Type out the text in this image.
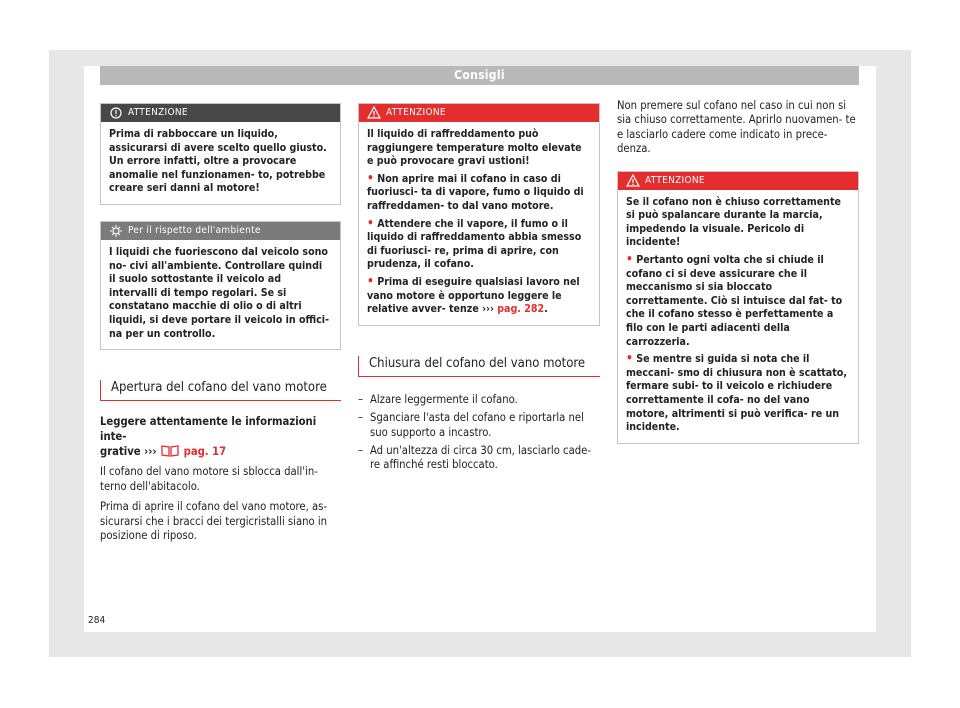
Consigli
ATTENZIONE

Prima di rabboccare un liquido, assicurarsi di avere scelto quello giusto. Un errore infatti, oltre a provocare anomalie nel funzionamen- to, potrebbe creare seri danni al motore!

Per il rispetto dell'ambiente

I liquidi che fuoriescono dal veicolo sono no- civi all'ambiente. Controllare quindi il suolo sottostante il veicolo ad intervalli di tempo regolari. Se si constatano macchie di olio o di altri liquidi, si deve portare il veicolo in offici- na per un controllo.

Apertura del cofano del vano motore

Leggere attentamente le informazioni inte-
grative ››› pag. 17

Il cofano del vano motore si sblocca dall'in- terno dell'abitacolo.

Prima di aprire il cofano del vano motore, as- sicurarsi che i bracci dei tergicristalli siano in posizione di riposo.

ATTENZIONE

Il liquido di raffreddamento può raggiungere temperature molto elevate e può provocare gravi ustioni!

• Non aprire mai il cofano in caso di fuoriusci- ta di vapore, fumo o liquido di raffreddamen- to dal vano motore.

• Attendere che il vapore, il fumo o il liquido di raffreddamento abbia smesso di fuoriusci- re, prima di aprire, con prudenza, il cofano.

• Prima di eseguire qualsiasi lavoro nel vano motore è opportuno leggere le relative avver- tenze ››› pag. 282.

Chiusura del cofano del vano motore
– Alzare leggermente il cofano.
– Sganciare l'asta del cofano e riportarla nel suo supporto a incastro.
– Ad un'altezza di circa 30 cm, lasciarlo cade- re affinché resti bloccato.

Non premere sul cofano nel caso in cui non si sia chiuso correttamente. Aprirlo nuovamen- te e lasciarlo cadere come indicato in prece- denza.

ATTENZIONE

Se il cofano non è chiuso correttamente si può spalancare durante la marcia, impedendo la visuale. Pericolo di incidente!

• Pertanto ogni volta che si chiude il cofano ci si deve assicurare che il meccanismo si sia bloccato correttamente. Ciò si intuisce dal fat- to che il cofano stesso è perfettamente a filo con le parti adiacenti della carrozzeria.

• Se mentre si guida si nota che il meccani- smo di chiusura non è scattato, fermare subi- to il veicolo e richiudere correttamente il cofa- no del vano motore, altrimenti si può verifica- re un incidente.

284
